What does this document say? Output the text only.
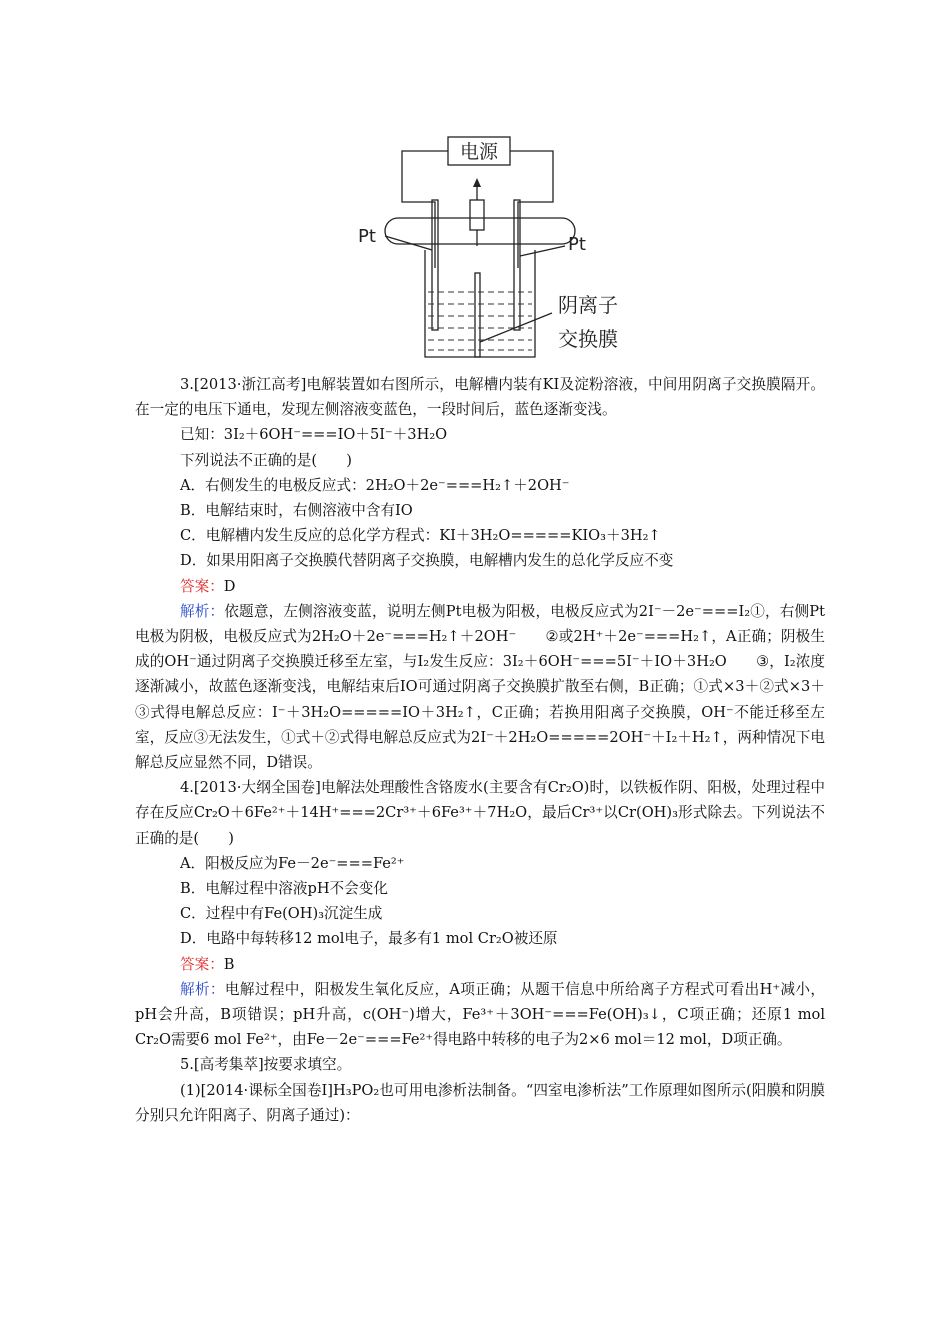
电源
Pt	Pt
阴离子
交换膜

3.[2013·浙江高考]电解装置如右图所示，电解槽内装有KI及淀粉溶液，中间用阴离子交换膜隔开。在一定的电压下通电，发现左侧溶液变蓝色，一段时间后，蓝色逐渐变浅。

已知：3I₂＋6OH⁻===IO＋5I⁻＋3H₂O

下列说法不正确的是(　　)

A．右侧发生的电极反应式：2H₂O＋2e⁻===H₂↑＋2OH⁻

B．电解结束时，右侧溶液中含有IO

C．电解槽内发生反应的总化学方程式：KI＋3H₂O=====KIO₃＋3H₂↑

D．如果用阳离子交换膜代替阴离子交换膜，电解槽内发生的总化学反应不变

答案：D

解析：依题意，左侧溶液变蓝，说明左侧Pt电极为阳极，电极反应式为2I⁻－2e⁻===I₂①，右侧Pt电极为阴极，电极反应式为2H₂O＋2e⁻===H₂↑＋2OH⁻ ②或2H⁺＋2e⁻===H₂↑，A正确；阴极生成的OH⁻通过阴离子交换膜迁移至左室，与I₂发生反应：3I₂＋6OH⁻===5I⁻＋IO＋3H₂O ③，I₂浓度逐渐减小，故蓝色逐渐变浅，电解结束后IO可通过阴离子交换膜扩散至右侧，B正确；①式×3＋②式×3＋③式得电解总反应：I⁻＋3H₂O=====IO＋3H₂↑，C正确；若换用阳离子交换膜，OH⁻不能迁移至左室，反应③无法发生，①式＋②式得电解总反应式为2I⁻＋2H₂O=====2OH⁻＋I₂＋H₂↑，两种情况下电解总反应显然不同，D错误。

4.[2013·大纲全国卷]电解法处理酸性含铬废水(主要含有Cr₂O)时，以铁板作阴、阳极，处理过程中存在反应Cr₂O＋6Fe²⁺＋14H⁺===2Cr³⁺＋6Fe³⁺＋7H₂O，最后Cr³⁺以Cr(OH)₃形式除去。下列说法不正确的是(　　)

A．阳极反应为Fe－2e⁻===Fe²⁺

B．电解过程中溶液pH不会变化

C．过程中有Fe(OH)₃沉淀生成

D．电路中每转移12 mol电子，最多有1 mol Cr₂O被还原

答案：B

解析：电解过程中，阳极发生氧化反应，A项正确；从题干信息中所给离子方程式可看出H⁺减小，pH会升高，B项错误；pH升高，c(OH⁻)增大，Fe³⁺＋3OH⁻===Fe(OH)₃↓，C项正确；还原1 mol Cr₂O需要6 mol Fe²⁺，由Fe－2e⁻===Fe²⁺得电路中转移的电子为2×6 mol＝12 mol，D项正确。

5.[高考集萃]按要求填空。

(1)[2014·课标全国卷Ⅰ]H₃PO₂也可用电渗析法制备。“四室电渗析法”工作原理如图所示(阳膜和阴膜分别只允许阳离子、阴离子通过)：
